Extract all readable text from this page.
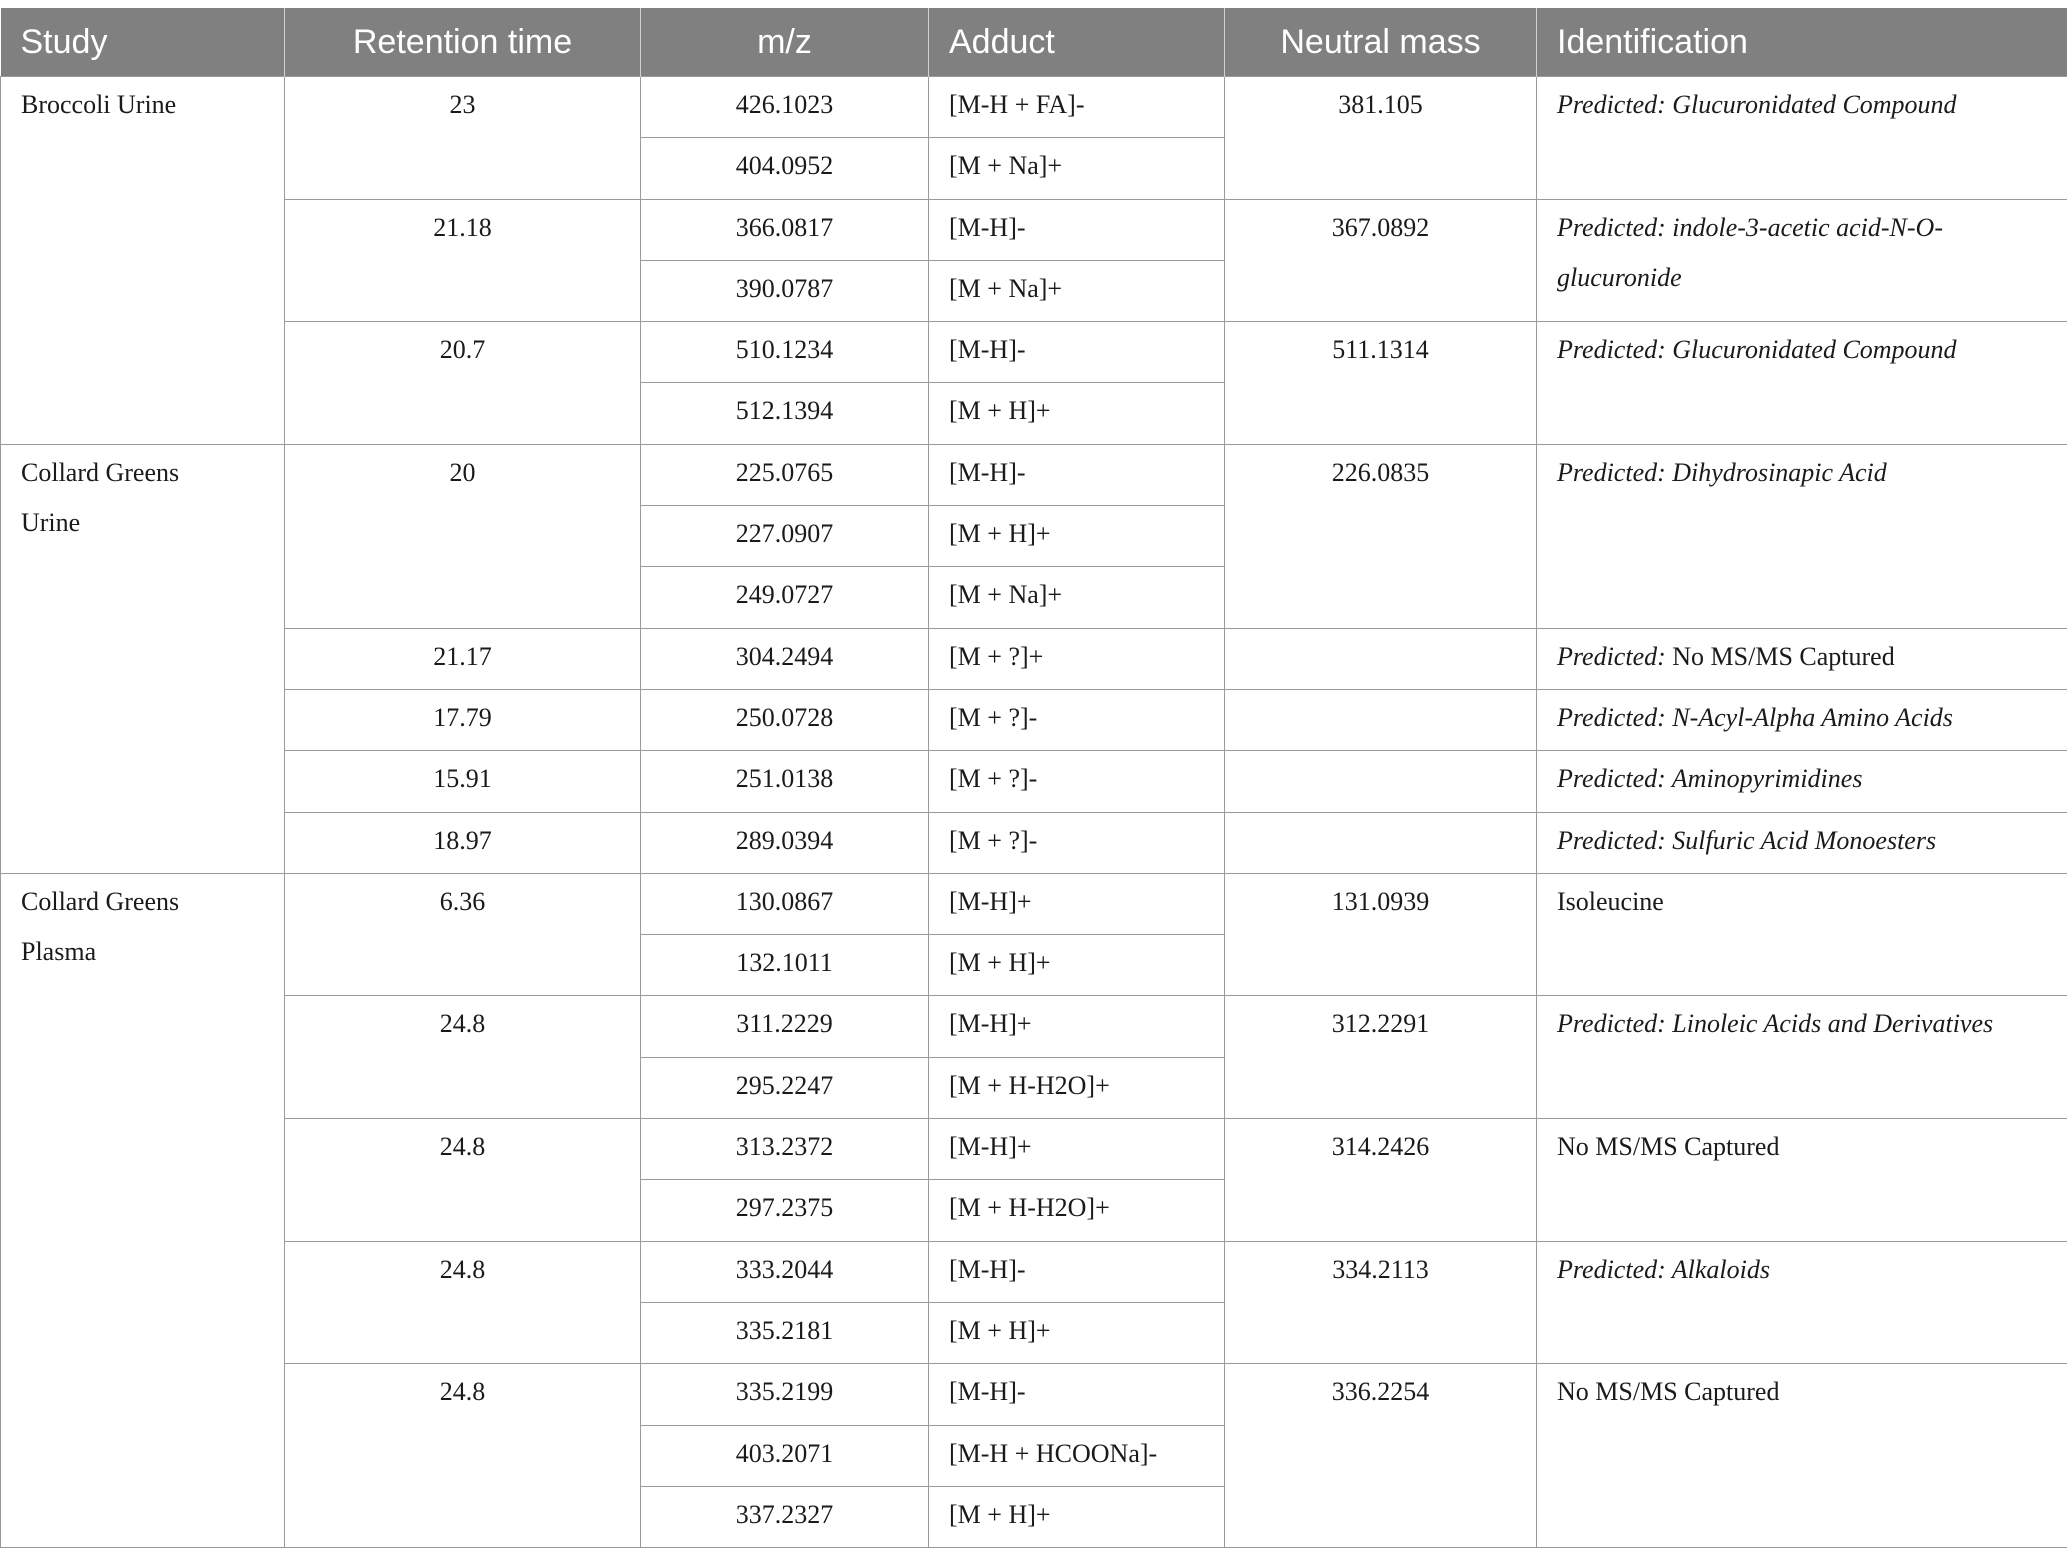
Study	Retention time	m/z	Adduct	Neutral mass	Identification

Broccoli Urine	23	426.1023	[M-H + FA]-	381.105	Predicted: Glucuronidated Compound
		404.0952	[M + Na]+		
	21.18	366.0817	[M-H]-	367.0892	Predicted: indole-3-acetic acid-N-O-glucuronide
		390.0787	[M + Na]+		
	20.7	510.1234	[M-H]-	511.1314	Predicted: Glucuronidated Compound
		512.1394	[M + H]+		

Collard Greens
Urine	20	225.0765	[M-H]-	226.0835	Predicted: Dihydrosinapic Acid
		227.0907	[M + H]+		
		249.0727	[M + Na]+		
	21.17	304.2494	[M + ?]+		Predicted: No MS/MS Captured
	17.79	250.0728	[M + ?]-		Predicted: N-Acyl-Alpha Amino Acids
	15.91	251.0138	[M + ?]-		Predicted: Aminopyrimidines
	18.97	289.0394	[M + ?]-		Predicted: Sulfuric Acid Monoesters

Collard Greens
Plasma	6.36	130.0867	[M-H]+	131.0939	Isoleucine
		132.1011	[M + H]+		
	24.8	311.2229	[M-H]+	312.2291	Predicted: Linoleic Acids and Derivatives
		295.2247	[M + H-H2O]+		
	24.8	313.2372	[M-H]+	314.2426	No MS/MS Captured
		297.2375	[M + H-H2O]+		
	24.8	333.2044	[M-H]-	334.2113	Predicted: Alkaloids
		335.2181	[M + H]+		
	24.8	335.2199	[M-H]-	336.2254	No MS/MS Captured
		403.2071	[M-H + HCOONa]-		
		337.2327	[M + H]+		
